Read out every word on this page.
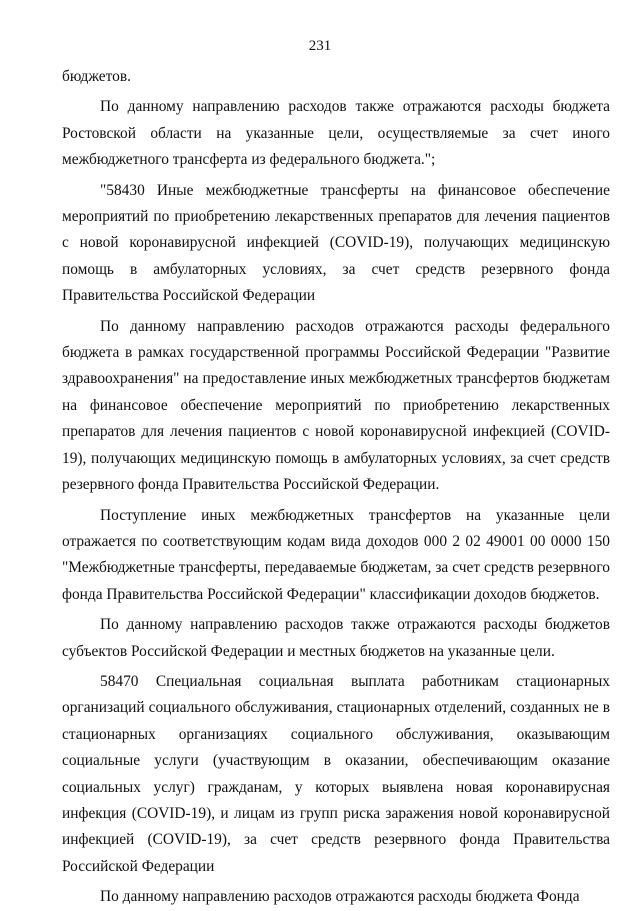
231

бюджетов.

По данному направлению расходов также отражаются расходы бюджета Ростовской области на указанные цели, осуществляемые за счет иного межбюджетного трансферта из федерального бюджета.";

"58430 Иные межбюджетные трансферты на финансовое обеспечение мероприятий по приобретению лекарственных препаратов для лечения пациентов с новой коронавирусной инфекцией (COVID-19), получающих медицинскую помощь в амбулаторных условиях, за счет средств резервного фонда Правительства Российской Федерации

По данному направлению расходов отражаются расходы федерального бюджета в рамках государственной программы Российской Федерации "Развитие здравоохранения" на предоставление иных межбюджетных трансфертов бюджетам на финансовое обеспечение мероприятий по приобретению лекарственных препаратов для лечения пациентов с новой коронавирусной инфекцией (COVID-19), получающих медицинскую помощь в амбулаторных условиях, за счет средств резервного фонда Правительства Российской Федерации.

Поступление иных межбюджетных трансфертов на указанные цели отражается по соответствующим кодам вида доходов 000 2 02 49001 00 0000 150 "Межбюджетные трансферты, передаваемые бюджетам, за счет средств резервного фонда Правительства Российской Федерации" классификации доходов бюджетов.

По данному направлению расходов также отражаются расходы бюджетов субъектов Российской Федерации и местных бюджетов на указанные цели.

58470 Специальная социальная выплата работникам стационарных организаций социального обслуживания, стационарных отделений, созданных не в стационарных организациях социального обслуживания, оказывающим социальные услуги (участвующим в оказании, обеспечивающим оказание социальных услуг) гражданам, у которых выявлена новая коронавирусная инфекция (COVID-19), и лицам из групп риска заражения новой коронавирусной инфекцией (COVID-19), за счет средств резервного фонда Правительства Российской Федерации

По данному направлению расходов отражаются расходы бюджета Фонда
